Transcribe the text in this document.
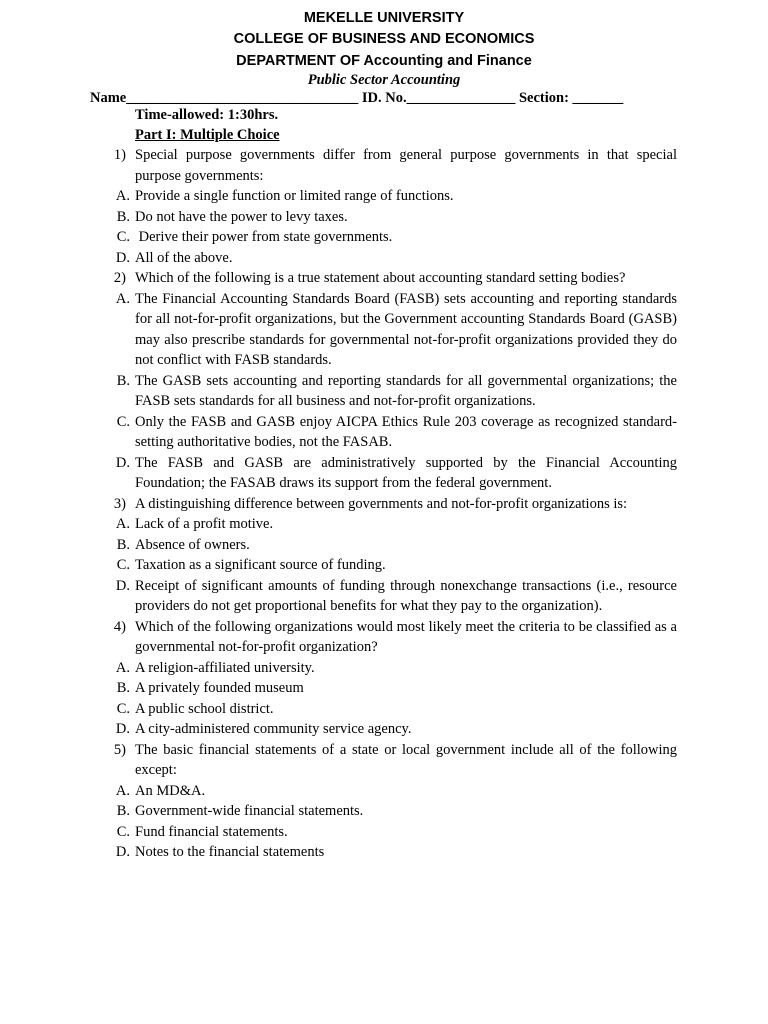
MEKELLE UNIVERSITY
COLLEGE OF BUSINESS AND ECONOMICS
DEPARTMENT OF Accounting and Finance
Public Sector Accounting
Name________________________________ ID. No._______________ Section: _______
Time-allowed: 1:30hrs.
Part I: Multiple Choice
1) Special purpose governments differ from general purpose governments in that special purpose governments:
A. Provide a single function or limited range of functions.
B. Do not have the power to levy taxes.
C. Derive their power from state governments.
D. All of the above.
2) Which of the following is a true statement about accounting standard setting bodies?
A. The Financial Accounting Standards Board (FASB) sets accounting and reporting standards for all not-for-profit organizations, but the Government accounting Standards Board (GASB) may also prescribe standards for governmental not-for-profit organizations provided they do not conflict with FASB standards.
B. The GASB sets accounting and reporting standards for all governmental organizations; the FASB sets standards for all business and not-for-profit organizations.
C. Only the FASB and GASB enjoy AICPA Ethics Rule 203 coverage as recognized standard-setting authoritative bodies, not the FASAB.
D. The FASB and GASB are administratively supported by the Financial Accounting Foundation; the FASAB draws its support from the federal government.
3) A distinguishing difference between governments and not-for-profit organizations is:
A. Lack of a profit motive.
B. Absence of owners.
C. Taxation as a significant source of funding.
D. Receipt of significant amounts of funding through nonexchange transactions (i.e., resource providers do not get proportional benefits for what they pay to the organization).
4) Which of the following organizations would most likely meet the criteria to be classified as a governmental not-for-profit organization?
A. A religion-affiliated university.
B. A privately founded museum
C. A public school district.
D. A city-administered community service agency.
5) The basic financial statements of a state or local government include all of the following except:
A. An MD&A.
B. Government-wide financial statements.
C. Fund financial statements.
D. Notes to the financial statements
